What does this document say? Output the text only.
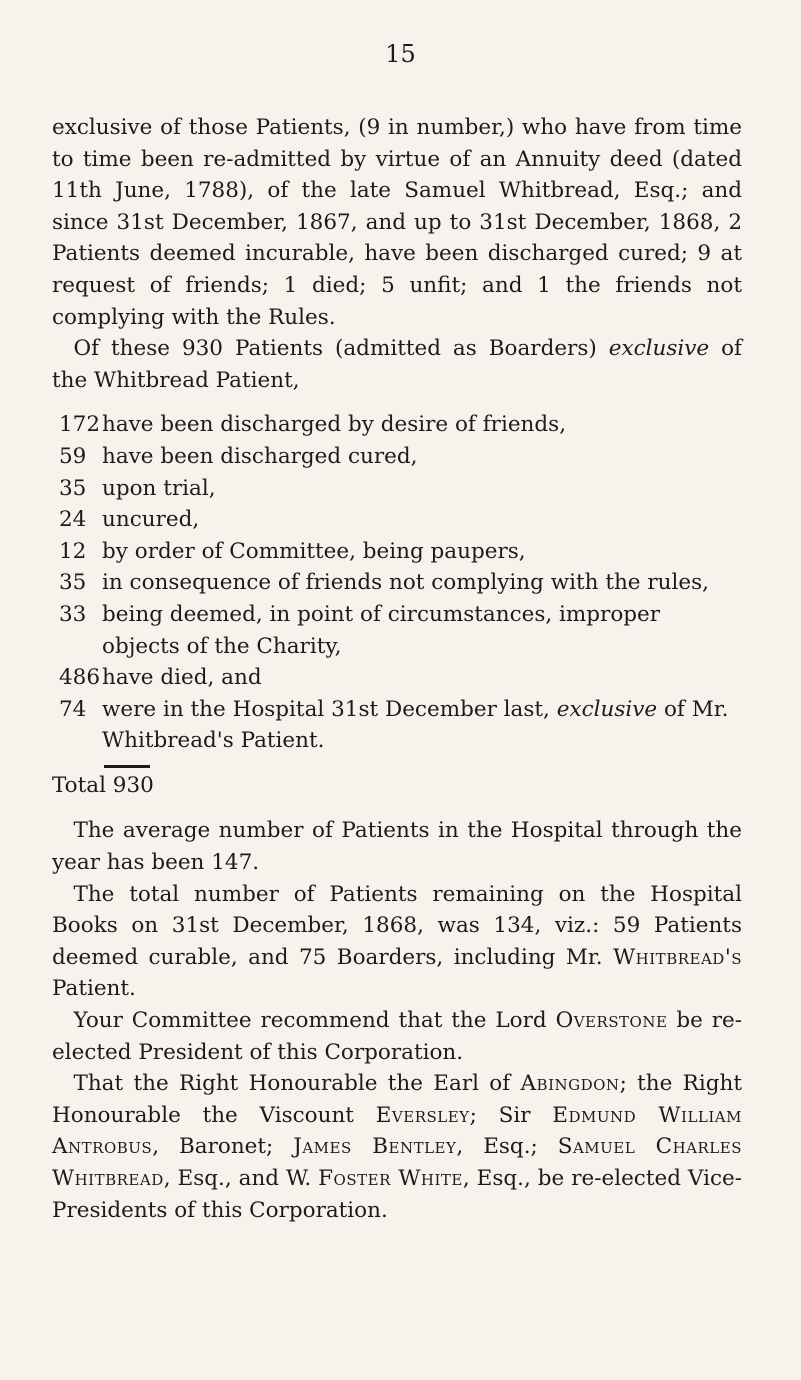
15

exclusive of those Patients, (9 in number,) who have from time to time been re-admitted by virtue of an Annuity deed (dated 11th June, 1788), of the late Samuel Whitbread, Esq.; and since 31st December, 1867, and up to 31st December, 1868, 2 Patients deemed incurable, have been discharged cured; 9 at request of friends; 1 died; 5 unfit; and 1 the friends not complying with the Rules.

 Of these 930 Patients (admitted as Boarders) exclusive of the Whitbread Patient,

172 have been discharged by desire of friends,
59 have been discharged cured,
35 upon trial,
24 uncured,
12 by order of Committee, being paupers,
35 in consequence of friends not complying with the rules,
33 being deemed, in point of circumstances, improper objects of the Charity,
486 have died, and
74 were in the Hospital 31st December last, exclusive of Mr. Whitbread's Patient.

Total 930

 The average number of Patients in the Hospital through the year has been 147.

 The total number of Patients remaining on the Hospital Books on 31st December, 1868, was 134, viz.: 59 Patients deemed curable, and 75 Boarders, including Mr. Whitbread's Patient.

 Your Committee recommend that the Lord Overstone be re-elected President of this Corporation.

 That the Right Honourable the Earl of Abingdon; the Right Honourable the Viscount Eversley; Sir Edmund William Antrobus, Baronet; James Bentley, Esq.; Samuel Charles Whitbread, Esq., and W. Foster White, Esq., be re-elected Vice-Presidents of this Corporation.
